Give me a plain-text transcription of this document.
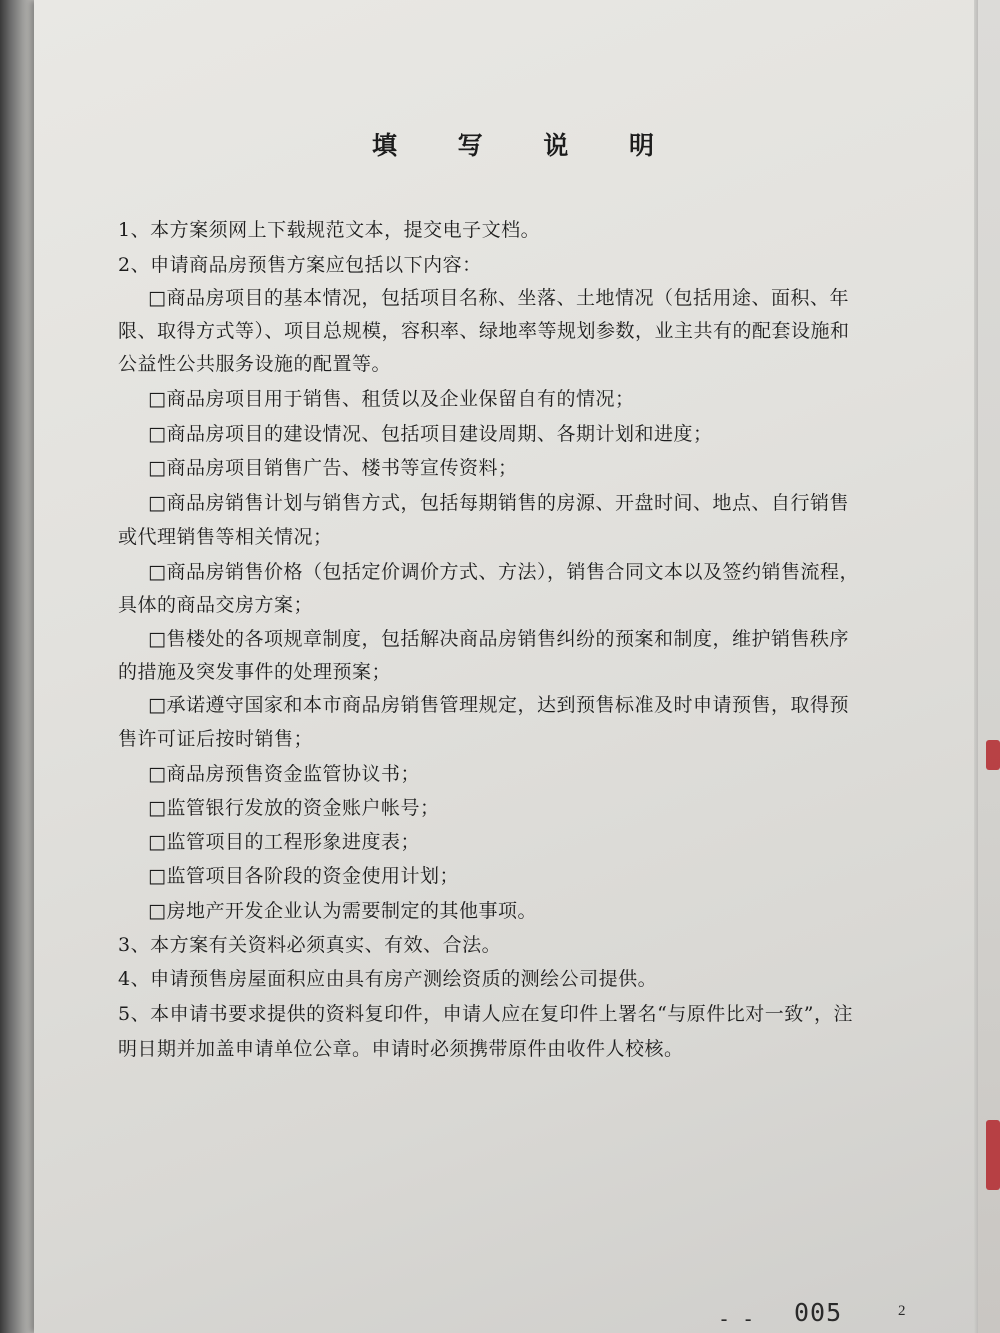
填 写 说 明
1、本方案须网上下载规范文本，提交电子文档。
2、申请商品房预售方案应包括以下内容：
□商品房项目的基本情况，包括项目名称、坐落、土地情况（包括用途、面积、年
限、取得方式等）、项目总规模，容积率、绿地率等规划参数，业主共有的配套设施和
公益性公共服务设施的配置等。
□商品房项目用于销售、租赁以及企业保留自有的情况；
□商品房项目的建设情况、包括项目建设周期、各期计划和进度；
□商品房项目销售广告、楼书等宣传资料；
□商品房销售计划与销售方式，包括每期销售的房源、开盘时间、地点、自行销售
或代理销售等相关情况；
□商品房销售价格（包括定价调价方式、方法），销售合同文本以及签约销售流程，
具体的商品交房方案；
□售楼处的各项规章制度，包括解决商品房销售纠纷的预案和制度，维护销售秩序
的措施及突发事件的处理预案；
□承诺遵守国家和本市商品房销售管理规定，达到预售标准及时申请预售，取得预
售许可证后按时销售；
□商品房预售资金监管协议书；
□监管银行发放的资金账户帐号；
□监管项目的工程形象进度表；
□监管项目各阶段的资金使用计划；
□房地产开发企业认为需要制定的其他事项。
3、本方案有关资料必须真实、有效、合法。
4、申请预售房屋面积应由具有房产测绘资质的测绘公司提供。
5、本申请书要求提供的资料复印件，申请人应在复印件上署名“与原件比对一致”，注
明日期并加盖申请单位公章。申请时必须携带原件由收件人校核。
- - 005	2
